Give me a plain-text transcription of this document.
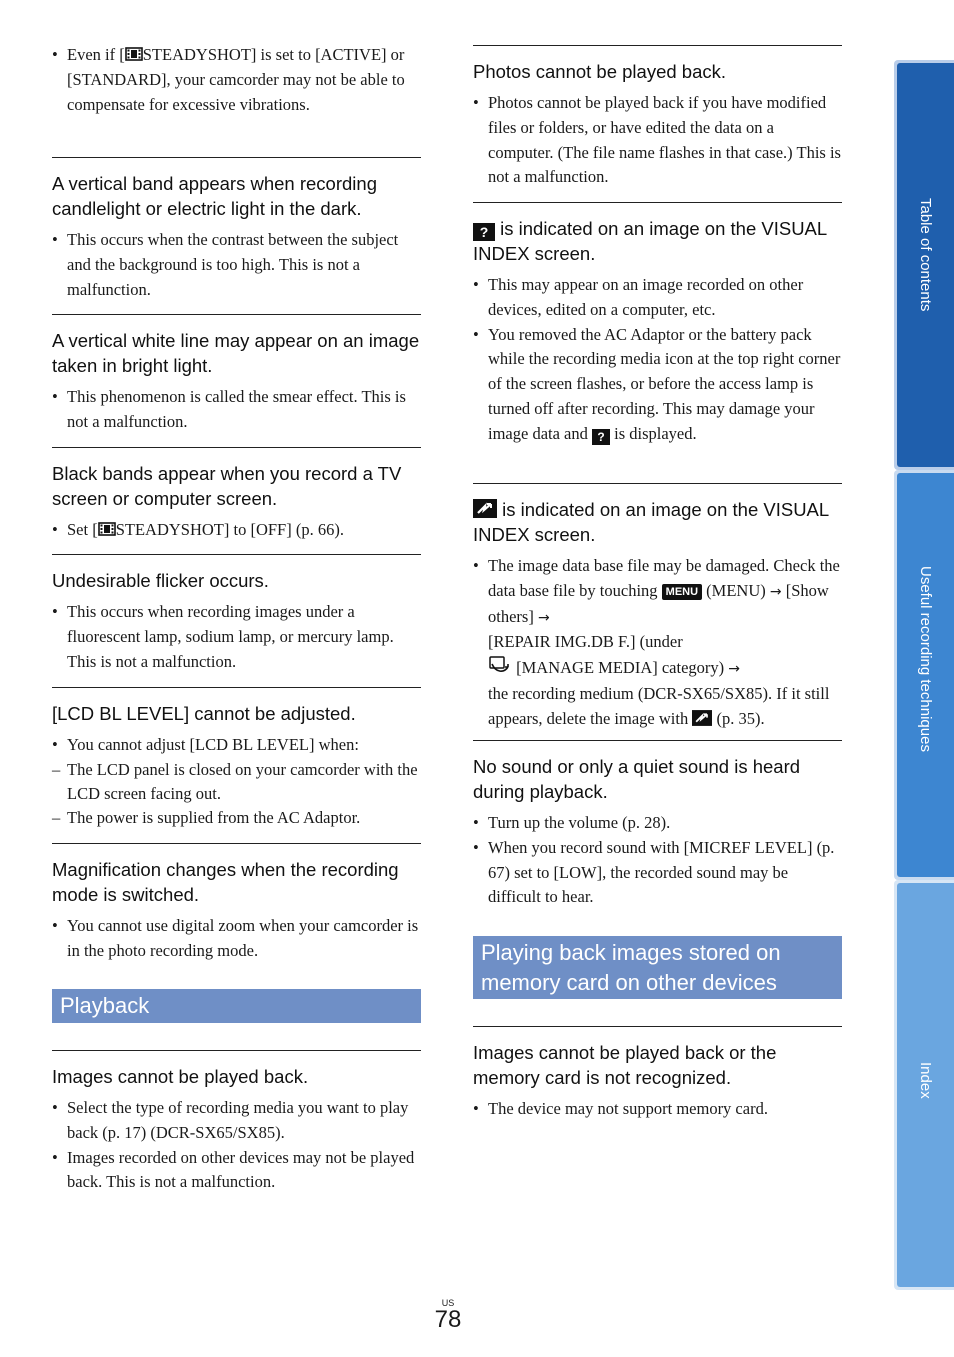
• Even if [ STEADYSHOT] is set to [ACTIVE] or [STANDARD], your camcorder may not be able to compensate for excessive vibrations.
A vertical band appears when recording candlelight or electric light in the dark.
• This occurs when the contrast between the subject and the background is too high. This is not a malfunction.
A vertical white line may appear on an image taken in bright light.
• This phenomenon is called the smear effect. This is not a malfunction.
Black bands appear when you record a TV screen or computer screen.
• Set [ STEADYSHOT] to [OFF] (p. 66).
Undesirable flicker occurs.
• This occurs when recording images under a fluorescent lamp, sodium lamp, or mercury lamp. This is not a malfunction.
[LCD BL LEVEL] cannot be adjusted.
• You cannot adjust [LCD BL LEVEL] when:
– The LCD panel is closed on your camcorder with the LCD screen facing out.
– The power is supplied from the AC Adaptor.
Magnification changes when the recording mode is switched.
• You cannot use digital zoom when your camcorder is in the photo recording mode.
Playback
Images cannot be played back.
• Select the type of recording media you want to play back (p. 17) (DCR-SX65/SX85).
• Images recorded on other devices may not be played back. This is not a malfunction.
Photos cannot be played back.
• Photos cannot be played back if you have modified files or folders, or have edited the data on a computer. (The file name flashes in that case.) This is not a malfunction.
? is indicated on an image on the VISUAL INDEX screen.
• This may appear on an image recorded on other devices, edited on a computer, etc.
• You removed the AC Adaptor or the battery pack while the recording media icon at the top right corner of the screen flashes, or before the access lamp is turned off after recording. This may damage your image data and ? is displayed.
is indicated on an image on the VISUAL INDEX screen.
• The image data base file may be damaged. Check the data base file by touching MENU (MENU) → [Show others] →
[REPAIR IMG.DB F.] (under
[MANAGE MEDIA] category) →
the recording medium (DCR-SX65/SX85). If it still appears, delete the image with  (p. 35).
No sound or only a quiet sound is heard during playback.
• Turn up the volume (p. 28).
• When you record sound with [MICREF LEVEL] (p. 67) set to [LOW], the recorded sound may be difficult to hear.
Playing back images stored on memory card on other devices
Images cannot be played back or the memory card is not recognized.
• The device may not support memory card.
Table of contents
Useful recording techniques
Index
US
78
